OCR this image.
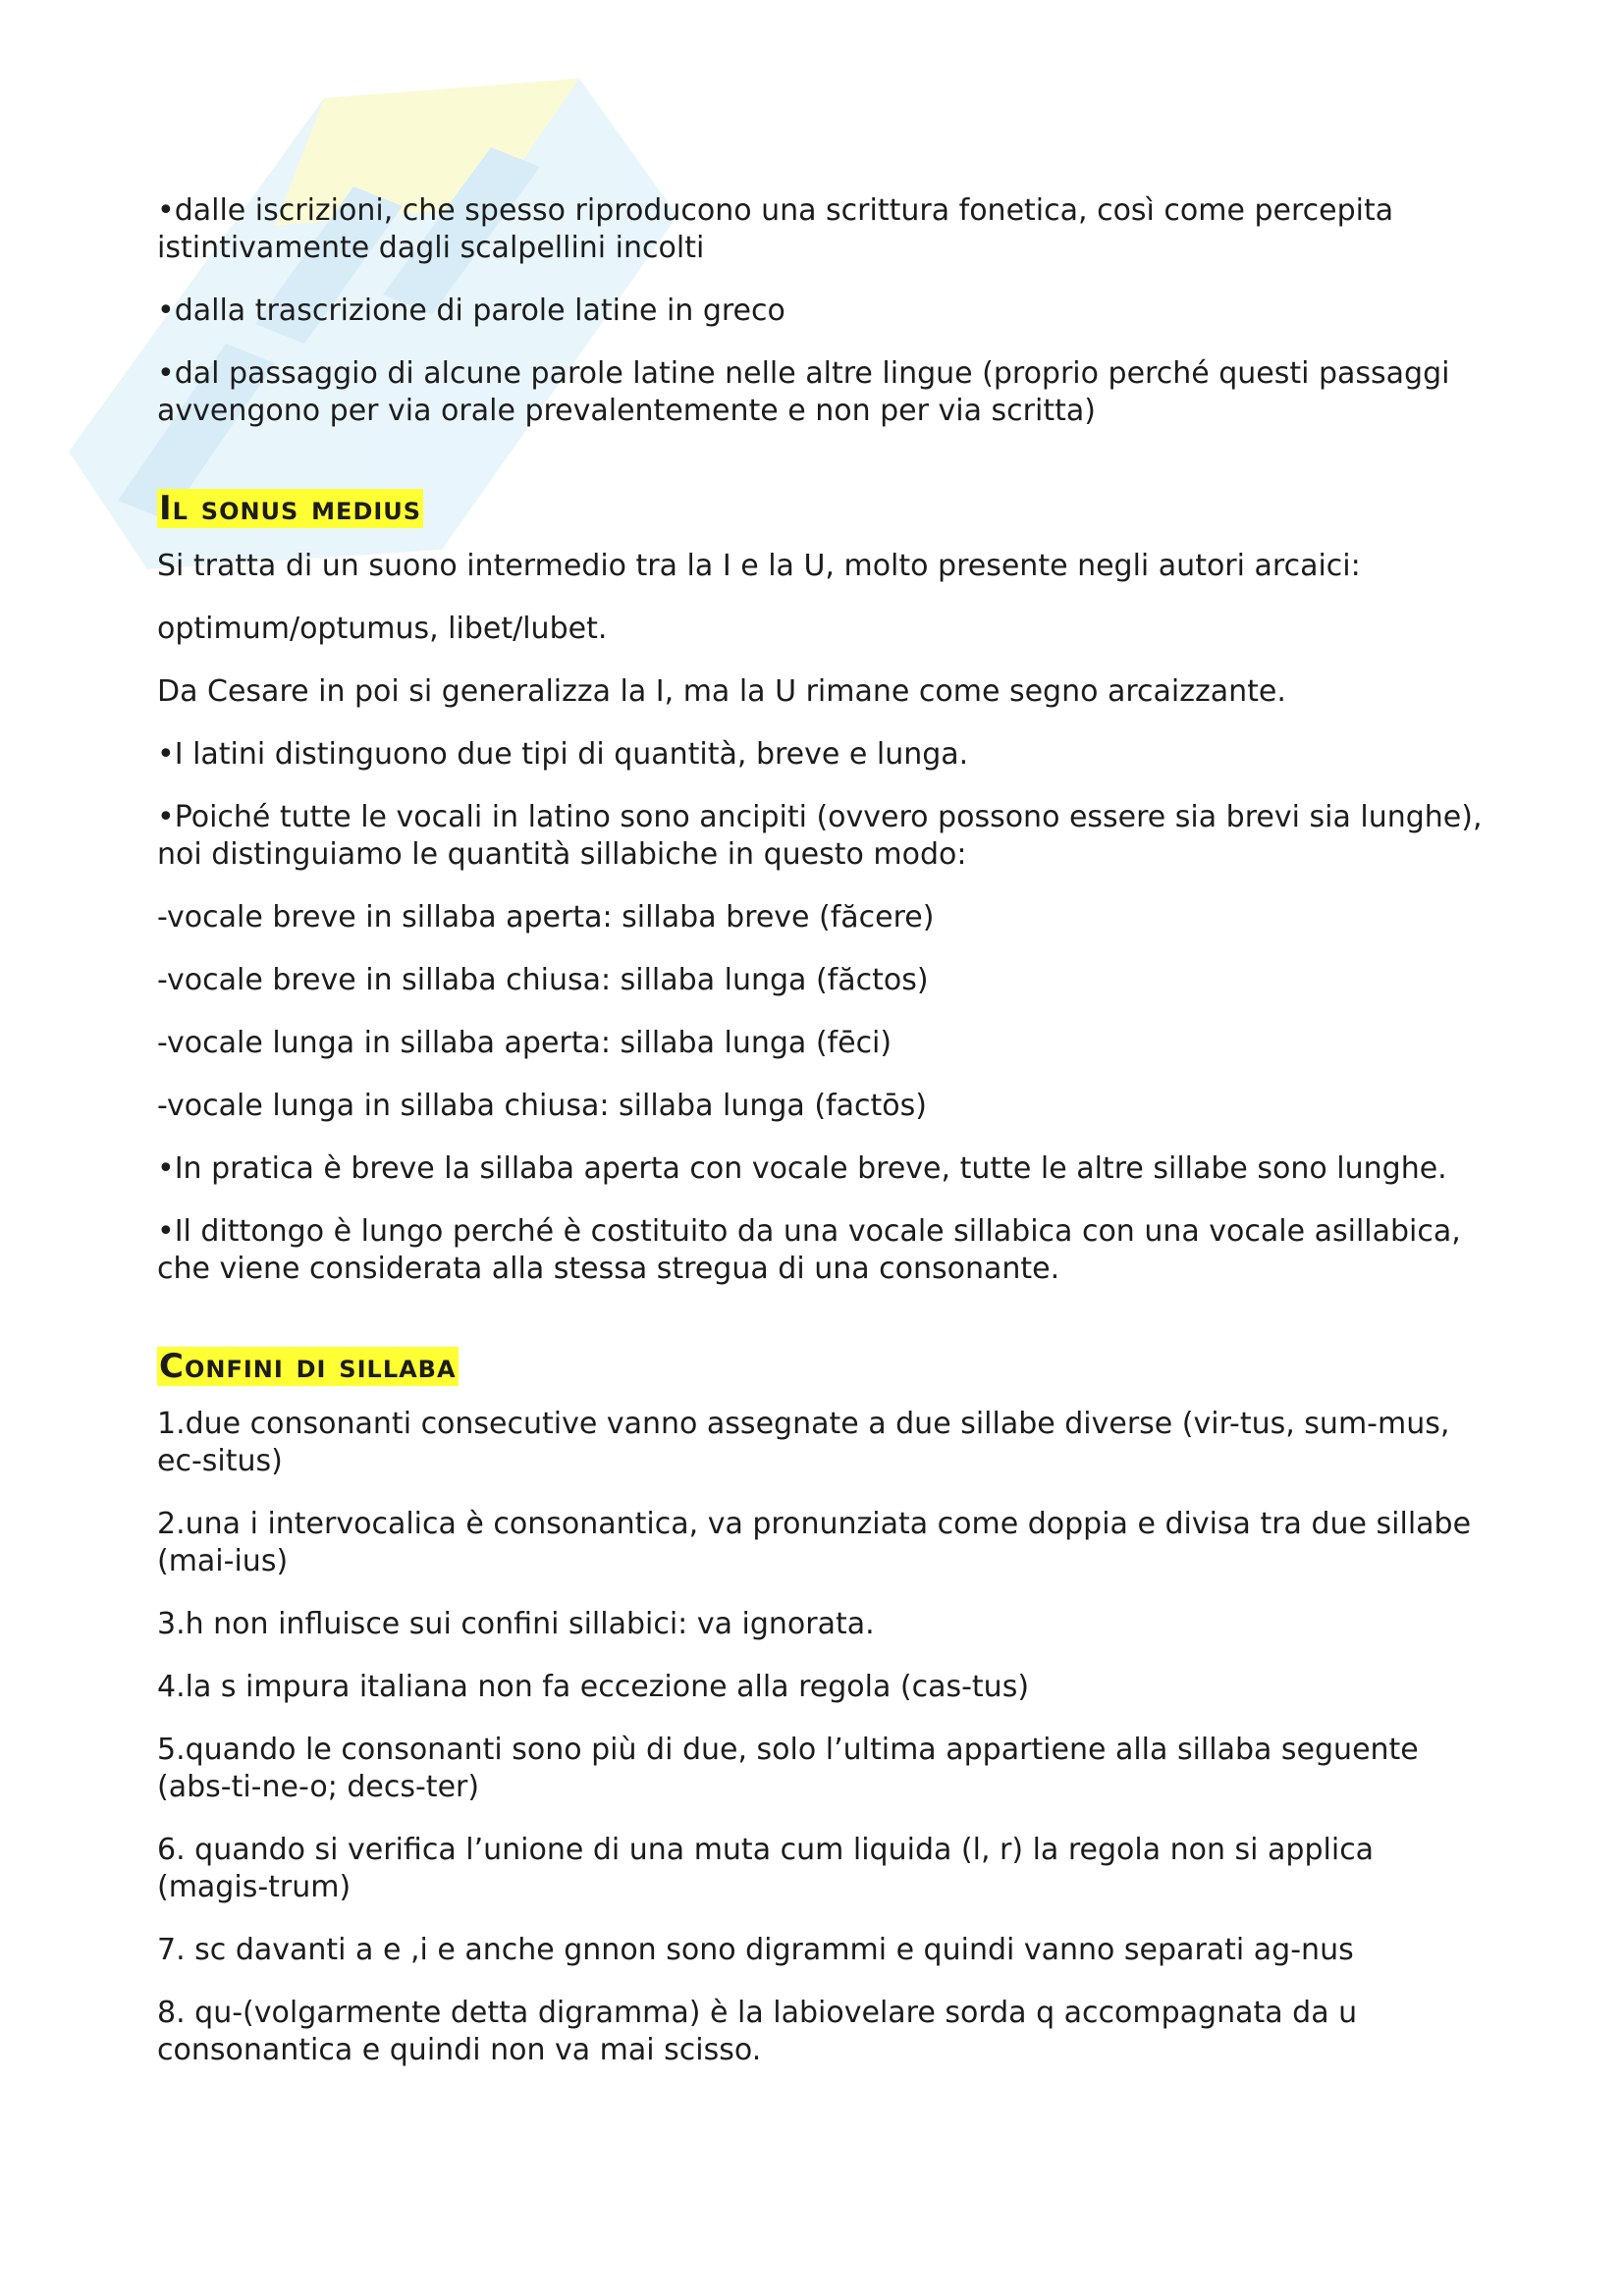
•dalle iscrizioni, che spesso riproducono una scrittura fonetica, così come percepita istintivamente dagli scalpellini incolti

•dalla trascrizione di parole latine in greco

•dal passaggio di alcune parole latine nelle altre lingue (proprio perché questi passaggi avvengono per via orale prevalentemente e non per via scritta)

Il sonus medius

Si tratta di un suono intermedio tra la I e la U, molto presente negli autori arcaici:

optimum/optumus, libet/lubet.

Da Cesare in poi si generalizza la I, ma la U rimane come segno arcaizzante.

•I latini distinguono due tipi di quantità, breve e lunga.

•Poiché tutte le vocali in latino sono ancipiti (ovvero possono essere sia brevi sia lunghe), noi distinguiamo le quantità sillabiche in questo modo:

-vocale breve in sillaba aperta: sillaba breve (făcere)

-vocale breve in sillaba chiusa: sillaba lunga (făctos)

-vocale lunga in sillaba aperta: sillaba lunga (fēci)

-vocale lunga in sillaba chiusa: sillaba lunga (factōs)

•In pratica è breve la sillaba aperta con vocale breve, tutte le altre sillabe sono lunghe.

•Il dittongo è lungo perché è costituito da una vocale sillabica con una vocale asillabica, che viene considerata alla stessa stregua di una consonante.

Confini di sillaba

1.due consonanti consecutive vanno assegnate a due sillabe diverse (vir-tus, sum-mus, ec-situs)

2.una i intervocalica è consonantica, va pronunziata come doppia e divisa tra due sillabe (mai-ius)

3.h non influisce sui confini sillabici: va ignorata.

4.la s impura italiana non fa eccezione alla regola (cas-tus)

5.quando le consonanti sono più di due, solo l’ultima appartiene alla sillaba seguente (abs-ti-ne-o; decs-ter)

6. quando si verifica l’unione di una muta cum liquida (l, r) la regola non si applica (magis-trum)

7. sc davanti a e ,i e anche gnnon sono digrammi e quindi vanno separati ag-nus

8. qu-(volgarmente detta digramma) è la labiovelare sorda q accompagnata da u consonantica e quindi non va mai scisso.
